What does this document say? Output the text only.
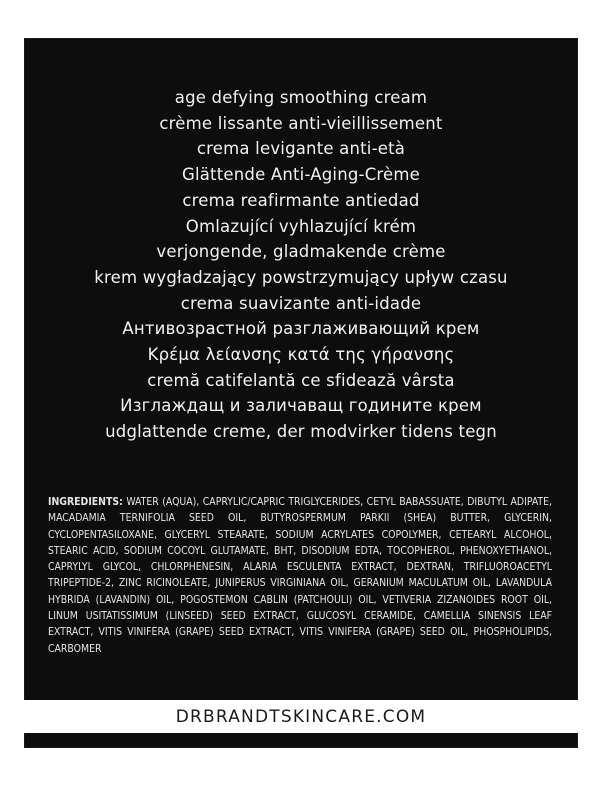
age defying smoothing cream
crème lissante anti-vieillissement
crema levigante anti-età
Glättende Anti-Aging-Crème
crema reafirmante antiedad
Omlazující vyhlazující krém
verjongende, gladmakende crème
krem wygładzający powstrzymujący upływ czasu
crema suavizante anti-idade
Антивозрастной разглаживающий крем
Κρέμα λείανσης κατά της γήρανσης
cremă catifelantă ce sfidează vârsta
Изглаждащ и заличаващ годините крем
udglattende creme, der modvirker tidens tegn
INGREDIENTS: WATER (AQUA), CAPRYLIC/CAPRIC TRIGLYCERIDES, CETYL BABASSUATE, DIBUTYL ADIPATE, MACADAMIA TERNIFOLIA SEED OIL, BUTYROSPERMUM PARKII (SHEA) BUTTER, GLYCERIN, CYCLOPENTASILOXANE, GLYCERYL STEARATE, SODIUM ACRYLATES COPOLYMER, CETEARYL ALCOHOL, STEARIC ACID, SODIUM COCOYL GLUTAMATE, BHT, DISODIUM EDTA, TOCOPHEROL, PHENOXYETHANOL, CAPRYLYL GLYCOL, CHLORPHENESIN, ALARIA ESCULENTA EXTRACT, DEXTRAN, TRIFLUOROACETYL TRIPEPTIDE-2, ZINC RICINOLEATE, JUNIPERUS VIRGINIANA OIL, GERANIUM MACULATUM OIL, LAVANDULA HYBRIDA (LAVANDIN) OIL, POGOSTEMON CABLIN (PATCHOULI) OIL, VETIVERIA ZIZANOIDES ROOT OIL, LINUM USITATISSIMUM (LINSEED) SEED EXTRACT, GLUCOSYL CERAMIDE, CAMELLIA SINENSIS LEAF EXTRACT, VITIS VINIFERA (GRAPE) SEED EXTRACT, VITIS VINIFERA (GRAPE) SEED OIL, PHOSPHOLIPIDS, CARBOMER
DRBRANDTSKINCARE.COM
